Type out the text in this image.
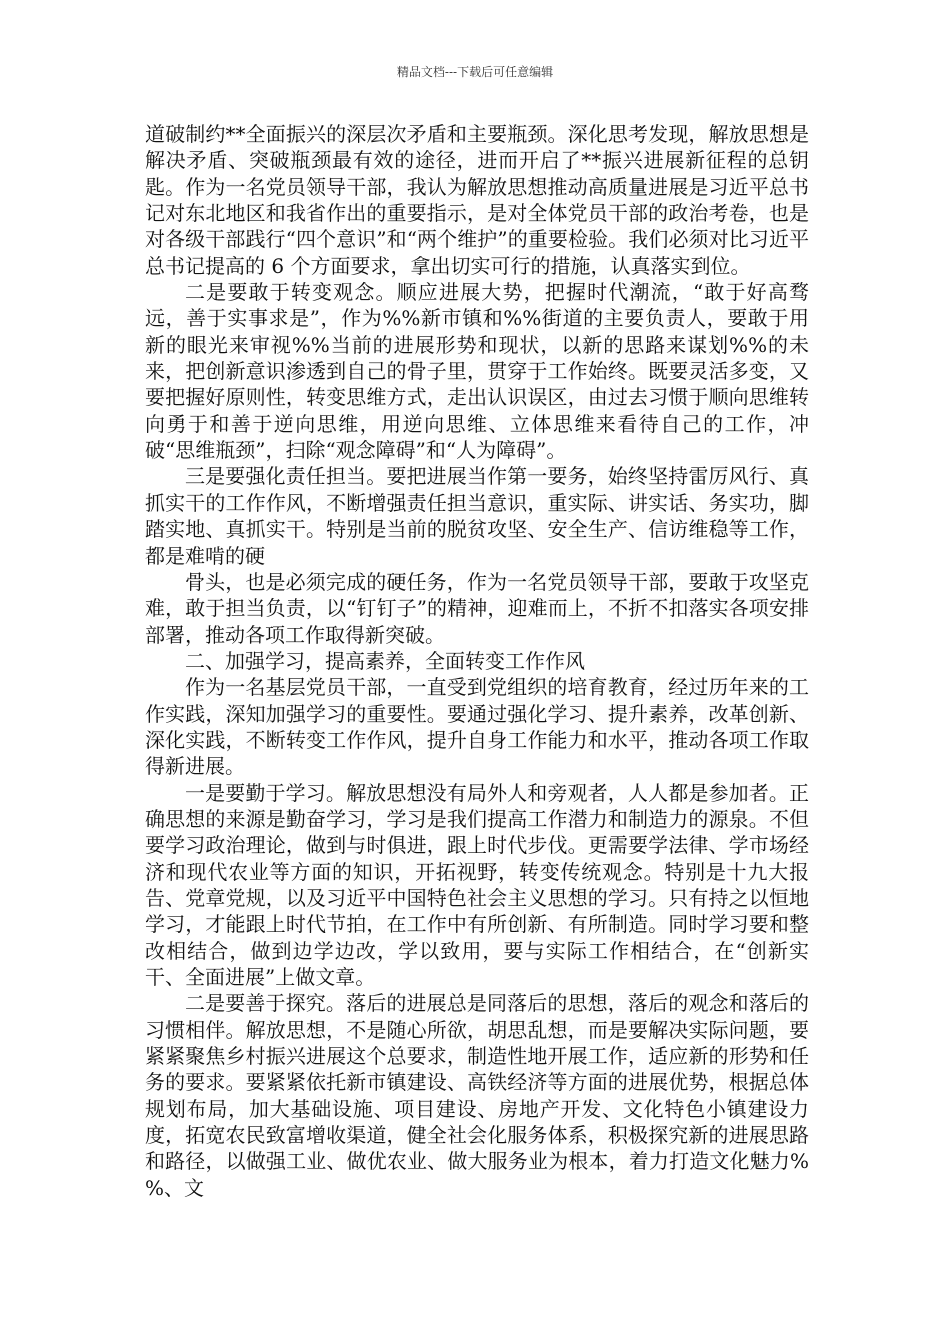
精品文档---下载后可任意编辑

道破制约**全面振兴的深层次矛盾和主要瓶颈。深化思考发现，解放思想是解决矛盾、突破瓶颈最有效的途径，进而开启了**振兴进展新征程的总钥匙。作为一名党员领导干部，我认为解放思想推动高质量进展是习近平总书记对东北地区和我省作出的重要指示，是对全体党员干部的政治考卷，也是对各级干部践行“四个意识”和“两个维护”的重要检验。我们必须对比习近平总书记提高的 6 个方面要求，拿出切实可行的措施，认真落实到位。

二是要敢于转变观念。顺应进展大势，把握时代潮流，“敢于好高骛远，善于实事求是”，作为%%新市镇和%%街道的主要负责人，要敢于用新的眼光来审视%%当前的进展形势和现状，以新的思路来谋划%%的未来，把创新意识渗透到自己的骨子里，贯穿于工作始终。既要灵活多变，又要把握好原则性，转变思维方式，走出认识误区，由过去习惯于顺向思维转向勇于和善于逆向思维，用逆向思维、立体思维来看待自己的工作，冲破“思维瓶颈”，扫除“观念障碍”和“人为障碍”。

三是要强化责任担当。要把进展当作第一要务，始终坚持雷厉风行、真抓实干的工作作风，不断增强责任担当意识，重实际、讲实话、务实功，脚踏实地、真抓实干。特别是当前的脱贫攻坚、安全生产、信访维稳等工作，都是难啃的硬

骨头，也是必须完成的硬任务，作为一名党员领导干部，要敢于攻坚克难，敢于担当负责，以“钉钉子”的精神，迎难而上，不折不扣落实各项安排部署，推动各项工作取得新突破。

二、加强学习，提高素养，全面转变工作作风

作为一名基层党员干部，一直受到党组织的培育教育，经过历年来的工作实践，深知加强学习的重要性。要通过强化学习、提升素养，改革创新、深化实践，不断转变工作作风，提升自身工作能力和水平，推动各项工作取得新进展。

一是要勤于学习。解放思想没有局外人和旁观者，人人都是参加者。正确思想的来源是勤奋学习，学习是我们提高工作潜力和制造力的源泉。不但要学习政治理论，做到与时俱进，跟上时代步伐。更需要学法律、学市场经济和现代农业等方面的知识，开拓视野，转变传统观念。特别是十九大报告、党章党规，以及习近平中国特色社会主义思想的学习。只有持之以恒地学习，才能跟上时代节拍，在工作中有所创新、有所制造。同时学习要和整改相结合，做到边学边改，学以致用，要与实际工作相结合，在“创新实干、全面进展”上做文章。

二是要善于探究。落后的进展总是同落后的思想，落后的观念和落后的习惯相伴。解放思想，不是随心所欲，胡思乱想，而是要解决实际问题，要紧紧聚焦乡村振兴进展这个总要求，制造性地开展工作，适应新的形势和任务的要求。要紧紧依托新市镇建设、高铁经济等方面的进展优势，根据总体规划布局，加大基础设施、项目建设、房地产开发、文化特色小镇建设力度，拓宽农民致富增收渠道，健全社会化服务体系，积极探究新的进展思路和路径，以做强工业、做优农业、做大服务业为根本，着力打造文化魅力%%、文
